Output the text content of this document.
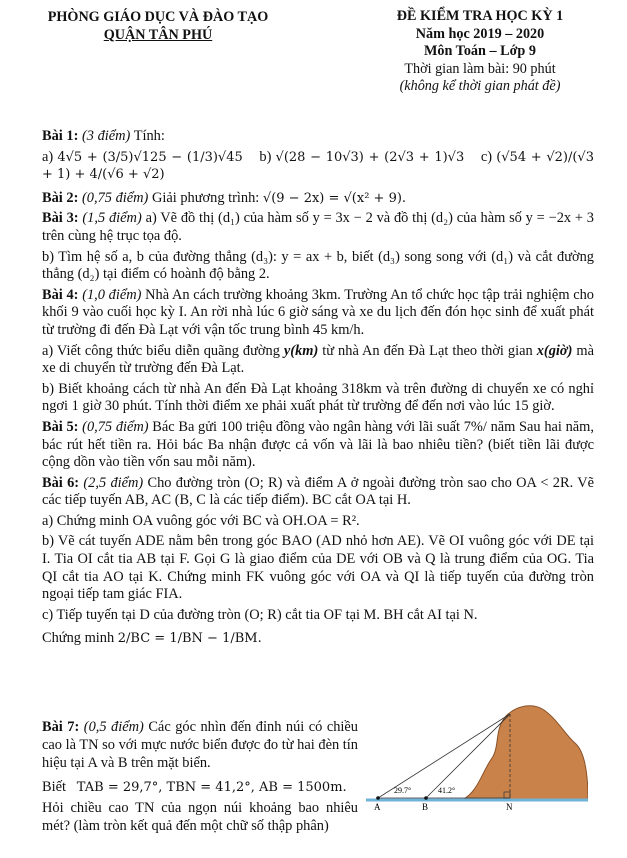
PHÒNG GIÁO DỤC VÀ ĐÀO TẠO
QUẬN TÂN PHÚ
ĐỀ KIỂM TRA HỌC KỲ 1
Năm học 2019 – 2020
Môn Toán – Lớp 9
Thời gian làm bài: 90 phút
(không kể thời gian phát đề)

Bài 1: (3 điểm) Tính:

a) 4√5 + (3/5)√125 − (1/3)√45 b) √(28 − 10√3) + (2√3 + 1)√3 c) (√54 + √2)/(√3 + 1) + 4/(√6 + √2)

Bài 2: (0,75 điểm) Giải phương trình: √(9 − 2x) = √(x² + 9).

Bài 3: (1,5 điểm) a) Vẽ đồ thị (d₁) của hàm số y = 3x − 2 và đồ thị (d₂) của hàm số y = −2x + 3 trên cùng hệ trục tọa độ.

b) Tìm hệ số a, b của đường thẳng (d₃): y = ax + b, biết (d₃) song song với (d₁) và cắt đường thẳng (d₂) tại điểm có hoành độ bằng 2.

Bài 4: (1,0 điểm) Nhà An cách trường khoảng 3km. Trường An tổ chức học tập trải nghiệm cho khối 9 vào cuối học kỳ I. An rời nhà lúc 6 giờ sáng và xe du lịch đến đón học sinh để xuất phát từ trường đi đến Đà Lạt với vận tốc trung bình 45 km/h.

a) Viết công thức biểu diễn quãng đường y(km) từ nhà An đến Đà Lạt theo thời gian x(giờ) mà xe di chuyển từ trường đến Đà Lạt.

b) Biết khoảng cách từ nhà An đến Đà Lạt khoảng 318km và trên đường di chuyển xe có nghỉ ngơi 1 giờ 30 phút. Tính thời điểm xe phải xuất phát từ trường để đến nơi vào lúc 15 giờ.

Bài 5: (0,75 điểm) Bác Ba gửi 100 triệu đồng vào ngân hàng với lãi suất 7%/ năm Sau hai năm, bác rút hết tiền ra. Hỏi bác Ba nhận được cả vốn và lãi là bao nhiêu tiền? (biết tiền lãi được cộng dồn vào tiền vốn sau mỗi năm).

Bài 6: (2,5 điểm) Cho đường tròn (O; R) và điểm A ở ngoài đường tròn sao cho OA < 2R. Vẽ các tiếp tuyến AB, AC (B, C là các tiếp điểm). BC cắt OA tại H.

a) Chứng minh OA vuông góc với BC và OH.OA = R².

b) Vẽ cát tuyến ADE nằm bên trong góc BAO (AD nhỏ hơn AE). Vẽ OI vuông góc với DE tại I. Tia OI cắt tia AB tại F. Gọi G là giao điểm của DE với OB và Q là trung điểm của OG. Tia QI cắt tia AO tại K. Chứng minh FK vuông góc với OA và QI là tiếp tuyến của đường tròn ngoại tiếp tam giác FIA.

c) Tiếp tuyến tại D của đường tròn (O; R) cắt tia OF tại M. BH cắt AI tại N.

Chứng minh 2/BC = 1/BN − 1/BM.

Bài 7: (0,5 điểm) Các góc nhìn đến đỉnh núi có chiều cao là TN so với mực nước biển được đo từ hai đèn tín hiệu tại A và B trên mặt biển.

Biết TAB = 29,7°, TBN = 41,2°, AB = 1500m.

Hỏi chiều cao TN của ngọn núi khoảng bao nhiêu mét? (làm tròn kết quả đến một chữ số thập phân)

A	B	N
29.7°	41.2°
